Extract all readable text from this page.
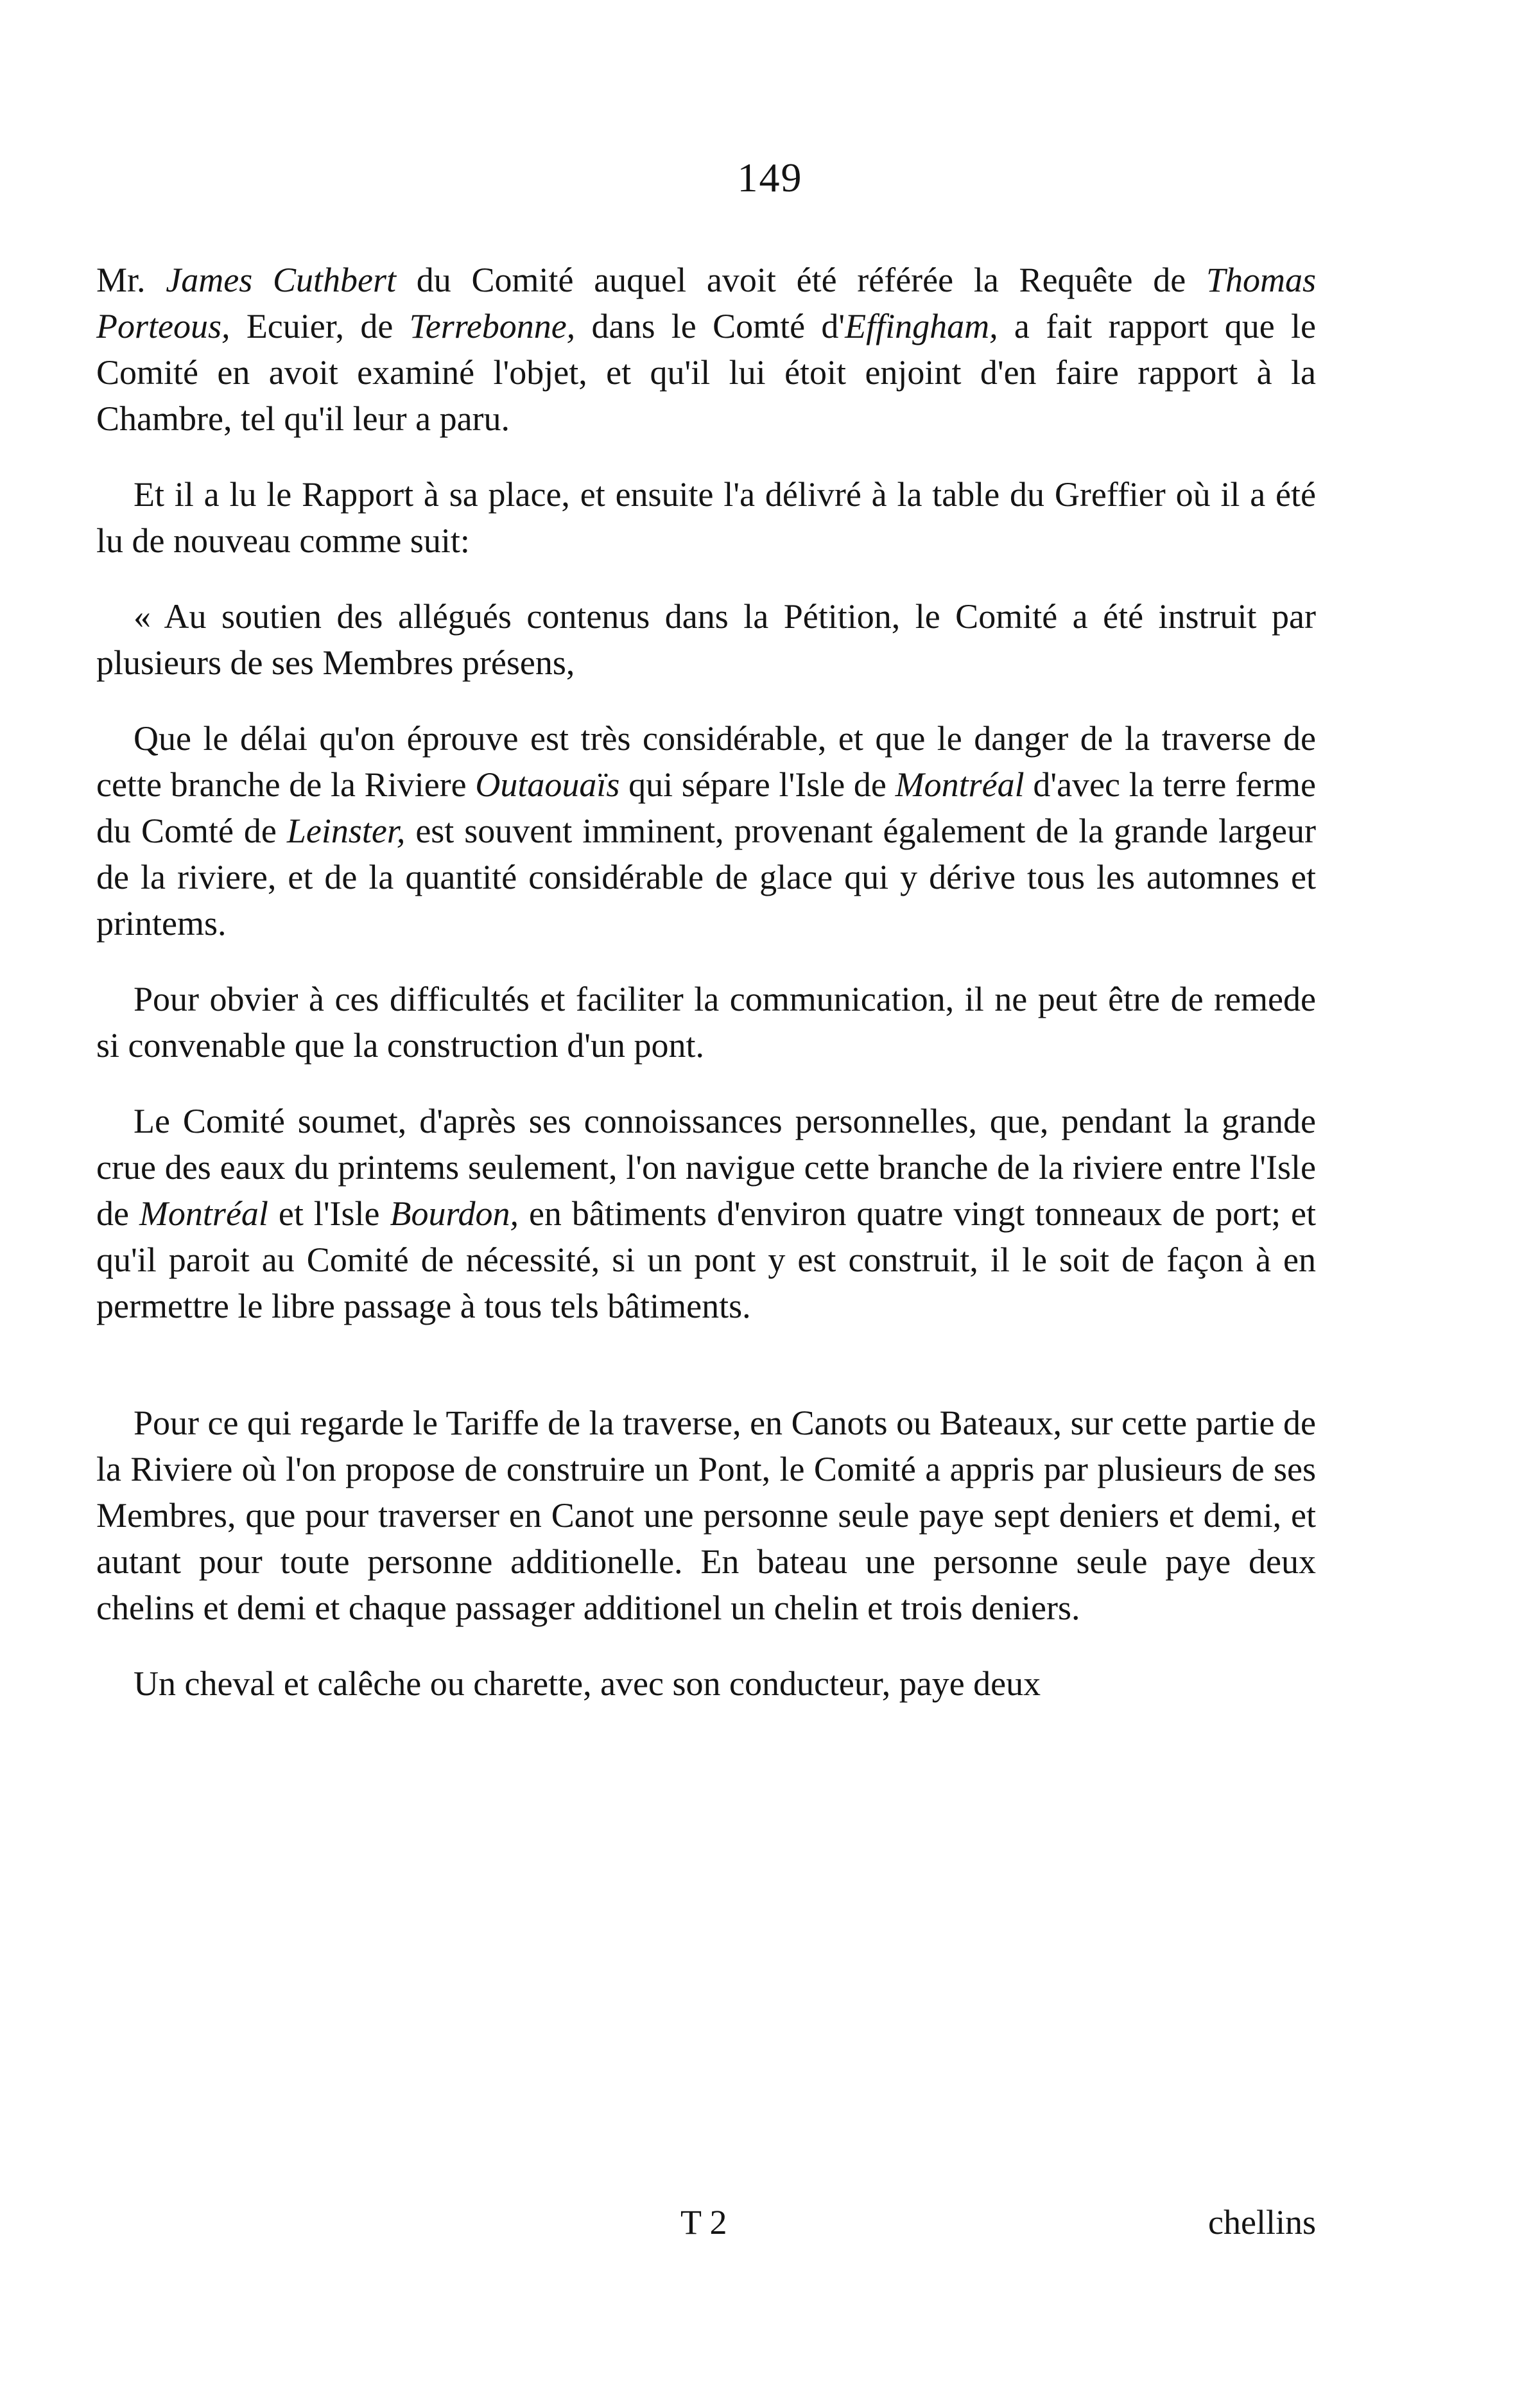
149

Mr. James Cuthbert du Comité auquel avoit été référée la Requête de Thomas Porteous, Ecuier, de Terrebonne, dans le Comté d'Effingham, a fait rapport que le Comité en avoit examiné l'objet, et qu'il lui étoit enjoint d'en faire rapport à la Chambre, tel qu'il leur a paru.

Et il a lu le Rapport à sa place, et ensuite l'a délivré à la table du Greffier où il a été lu de nouveau comme suit:

« Au soutien des allégués contenus dans la Pétition, le Comité a été instruit par plusieurs de ses Membres présens,

Que le délai qu'on éprouve est très considérable, et que le danger de la traverse de cette branche de la Riviere Outaouaïs qui sépare l'Isle de Montréal d'avec la terre ferme du Comté de Leinster, est souvent imminent, provenant également de la grande largeur de la riviere, et de la quantité considérable de glace qui y dérive tous les automnes et printems.

Pour obvier à ces difficultés et faciliter la communication, il ne peut être de remede si convenable que la construction d'un pont.

Le Comité soumet, d'après ses connoissances personnelles, que, pendant la grande crue des eaux du printems seulement, l'on navigue cette branche de la riviere entre l'Isle de Montréal et l'Isle Bourdon, en bâtiments d'environ quatre vingt tonneaux de port; et qu'il paroit au Comité de nécessité, si un pont y est construit, il le soit de façon à en permettre le libre passage à tous tels bâtiments.

Pour ce qui regarde le Tariffe de la traverse, en Canots ou Bateaux, sur cette partie de la Riviere où l'on propose de construire un Pont, le Comité a appris par plusieurs de ses Membres, que pour traverser en Canot une personne seule paye sept deniers et demi, et autant pour toute personne additionelle. En bateau une personne seule paye deux chelins et demi et chaque passager additionel un chelin et trois deniers.

Un cheval et calêche ou charette, avec son conducteur, paye deux

T 2	chellins
